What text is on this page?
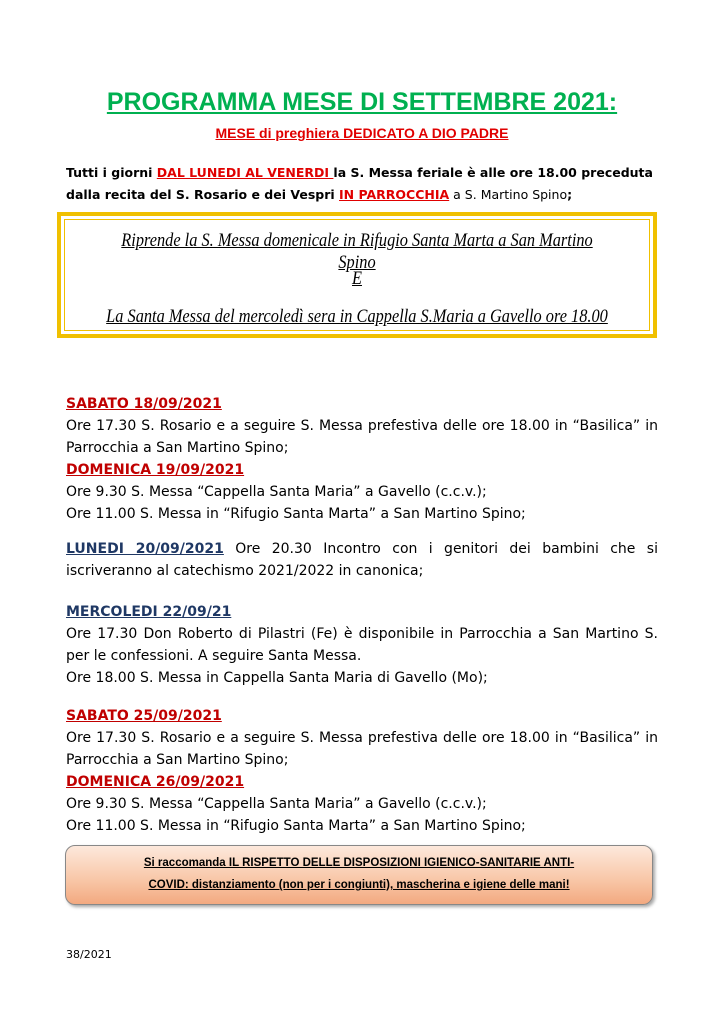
PROGRAMMA MESE DI SETTEMBRE 2021:
MESE di preghiera DEDICATO A DIO PADRE
Tutti i giorni DAL LUNEDI AL VENERDI la S. Messa feriale è alle ore 18.00 preceduta dalla recita del S. Rosario e dei Vespri IN PARROCCHIA a S. Martino Spino;
Riprende la S. Messa domenicale in Rifugio Santa Marta a San Martino Spino
E
La Santa Messa del mercoledì sera in Cappella S.Maria a Gavello ore 18.00
SABATO 18/09/2021
Ore 17.30 S. Rosario e a seguire S. Messa prefestiva delle ore 18.00 in “Basilica” in Parrocchia a San Martino Spino;
DOMENICA 19/09/2021
Ore 9.30 S. Messa “Cappella Santa Maria” a Gavello (c.c.v.);
Ore 11.00 S. Messa in “Rifugio Santa Marta” a San Martino Spino;
LUNEDI 20/09/2021 Ore 20.30 Incontro con i genitori dei bambini che si iscriveranno al catechismo 2021/2022 in canonica;
MERCOLEDI 22/09/21
Ore 17.30 Don Roberto di Pilastri (Fe) è disponibile in Parrocchia a San Martino S. per le confessioni. A seguire Santa Messa.
Ore 18.00 S. Messa in Cappella Santa Maria di Gavello (Mo);
SABATO 25/09/2021
Ore 17.30 S. Rosario e a seguire S. Messa prefestiva delle ore 18.00 in “Basilica” in Parrocchia a San Martino Spino;
DOMENICA 26/09/2021
Ore 9.30 S. Messa “Cappella Santa Maria” a Gavello (c.c.v.);
Ore 11.00 S. Messa in “Rifugio Santa Marta” a San Martino Spino;
Si raccomanda IL RISPETTO DELLE DISPOSIZIONI IGIENICO-SANITARIE ANTI-
COVID: distanziamento (non per i congiunti), mascherina e igiene delle mani!
38/2021
